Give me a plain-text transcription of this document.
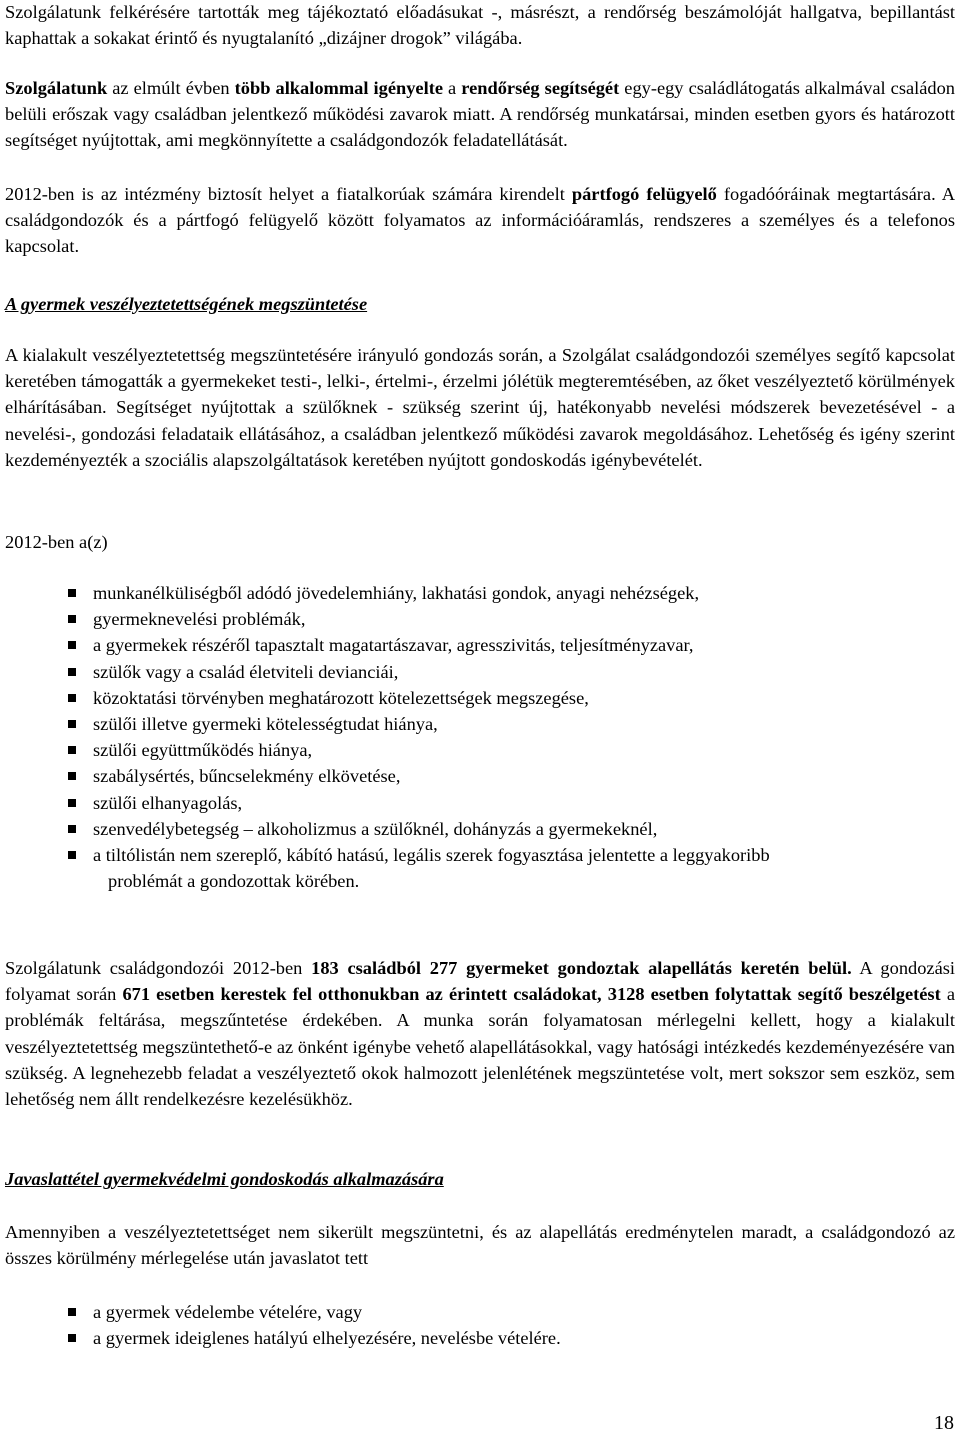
Szolgálatunk felkérésére tartották meg tájékoztató előadásukat -, másrészt, a rendőrség beszámolóját hallgatva, bepillantást kaphattak a sokakat érintő és nyugtalanító „dizájner drogok” világába.

Szolgálatunk az elmúlt évben több alkalommal igényelte a rendőrség segítségét egy-egy családlátogatás alkalmával családon belüli erőszak vagy családban jelentkező működési zavarok miatt. A rendőrség munkatársai, minden esetben gyors és határozott segítséget nyújtottak, ami megkönnyítette a családgondozók feladatellátását.

2012-ben is az intézmény biztosít helyet a fiatalkorúak számára kirendelt pártfogó felügyelő fogadóóráinak megtartására. A családgondozók és a pártfogó felügyelő között folyamatos az információáramlás, rendszeres a személyes és a telefonos kapcsolat.

A gyermek veszélyeztetettségének megszüntetése

A kialakult veszélyeztetettség megszüntetésére irányuló gondozás során, a Szolgálat családgondozói személyes segítő kapcsolat keretében támogatták a gyermekeket testi-, lelki-, értelmi-, érzelmi jólétük megteremtésében, az őket veszélyeztető körülmények elhárításában. Segítséget nyújtottak a szülőknek - szükség szerint új, hatékonyabb nevelési módszerek bevezetésével - a nevelési-, gondozási feladataik ellátásához, a családban jelentkező működési zavarok megoldásához. Lehetőség és igény szerint kezdeményezték a szociális alapszolgáltatások keretében nyújtott gondoskodás igénybevételét.

2012-ben a(z)

munkanélküliségből adódó jövedelemhiány, lakhatási gondok, anyagi nehézségek,
gyermeknevelési problémák,
a gyermekek részéről tapasztalt magatartászavar, agresszivitás, teljesítményzavar,
szülők vagy a család életviteli devianciái,
közoktatási törvényben meghatározott kötelezettségek megszegése,
szülői illetve gyermeki kötelességtudat hiánya,
szülői együttműködés hiánya,
szabálysértés, bűncselekmény elkövetése,
szülői elhanyagolás,
szenvedélybetegség – alkoholizmus a szülőknél, dohányzás a gyermekeknél,
a tiltólistán nem szereplő, kábító hatású, legális szerek fogyasztása jelentette a leggyakoribb
problémát a gondozottak körében.

Szolgálatunk családgondozói 2012-ben 183 családból 277 gyermeket gondoztak alapellátás keretén belül. A gondozási folyamat során 671 esetben kerestek fel otthonukban az érintett családokat, 3128 esetben folytattak segítő beszélgetést a problémák feltárása, megszűntetése érdekében. A munka során folyamatosan mérlegelni kellett, hogy a kialakult veszélyeztetettség megszüntethető-e az önként igénybe vehető alapellátásokkal, vagy hatósági intézkedés kezdeményezésére van szükség. A legnehezebb feladat a veszélyeztető okok halmozott jelenlétének megszüntetése volt, mert sokszor sem eszköz, sem lehetőség nem állt rendelkezésre kezelésükhöz.

Javaslattétel gyermekvédelmi gondoskodás alkalmazására

Amennyiben a veszélyeztetettséget nem sikerült megszüntetni, és az alapellátás eredménytelen maradt, a családgondozó az összes körülmény mérlegelése után javaslatot tett

a gyermek védelembe vételére, vagy
a gyermek ideiglenes hatályú elhelyezésére, nevelésbe vételére.
18
